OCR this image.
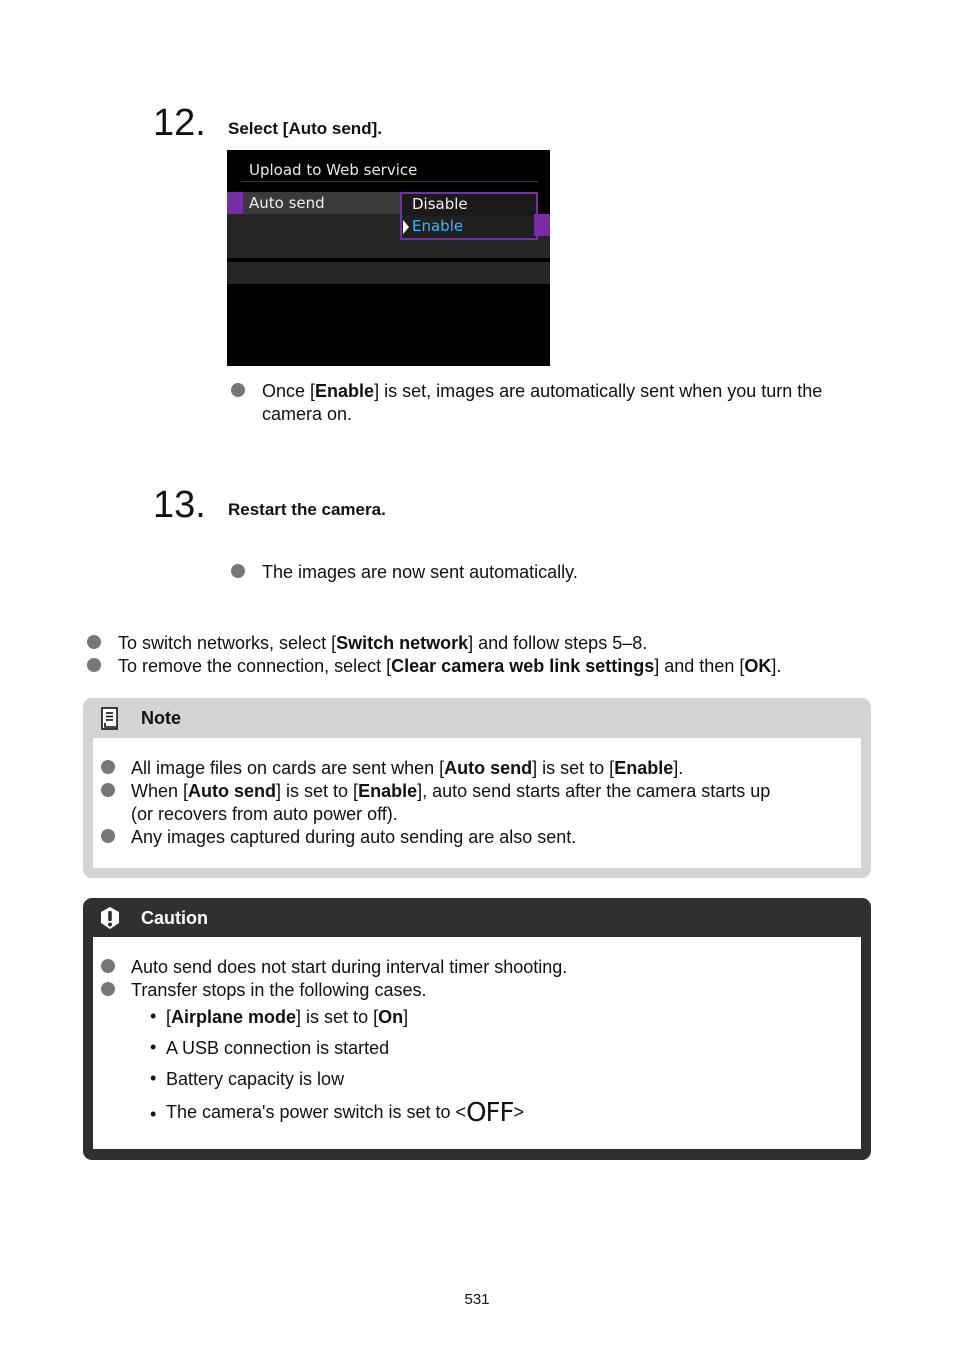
12. Select [Auto send].
Upload to Web service
Auto send	Disable
Enable
Once [Enable] is set, images are automatically sent when you turn the
camera on.
13. Restart the camera.
The images are now sent automatically.
To switch networks, select [Switch network] and follow steps 5–8.
To remove the connection, select [Clear camera web link settings] and then [OK].
Note
All image files on cards are sent when [Auto send] is set to [Enable].
When [Auto send] is set to [Enable], auto send starts after the camera starts up
(or recovers from auto power off).
Any images captured during auto sending are also sent.
Caution
Auto send does not start during interval timer shooting.
Transfer stops in the following cases.
• [Airplane mode] is set to [On]
• A USB connection is started
• Battery capacity is low
• The camera's power switch is set to <OFF>
531
